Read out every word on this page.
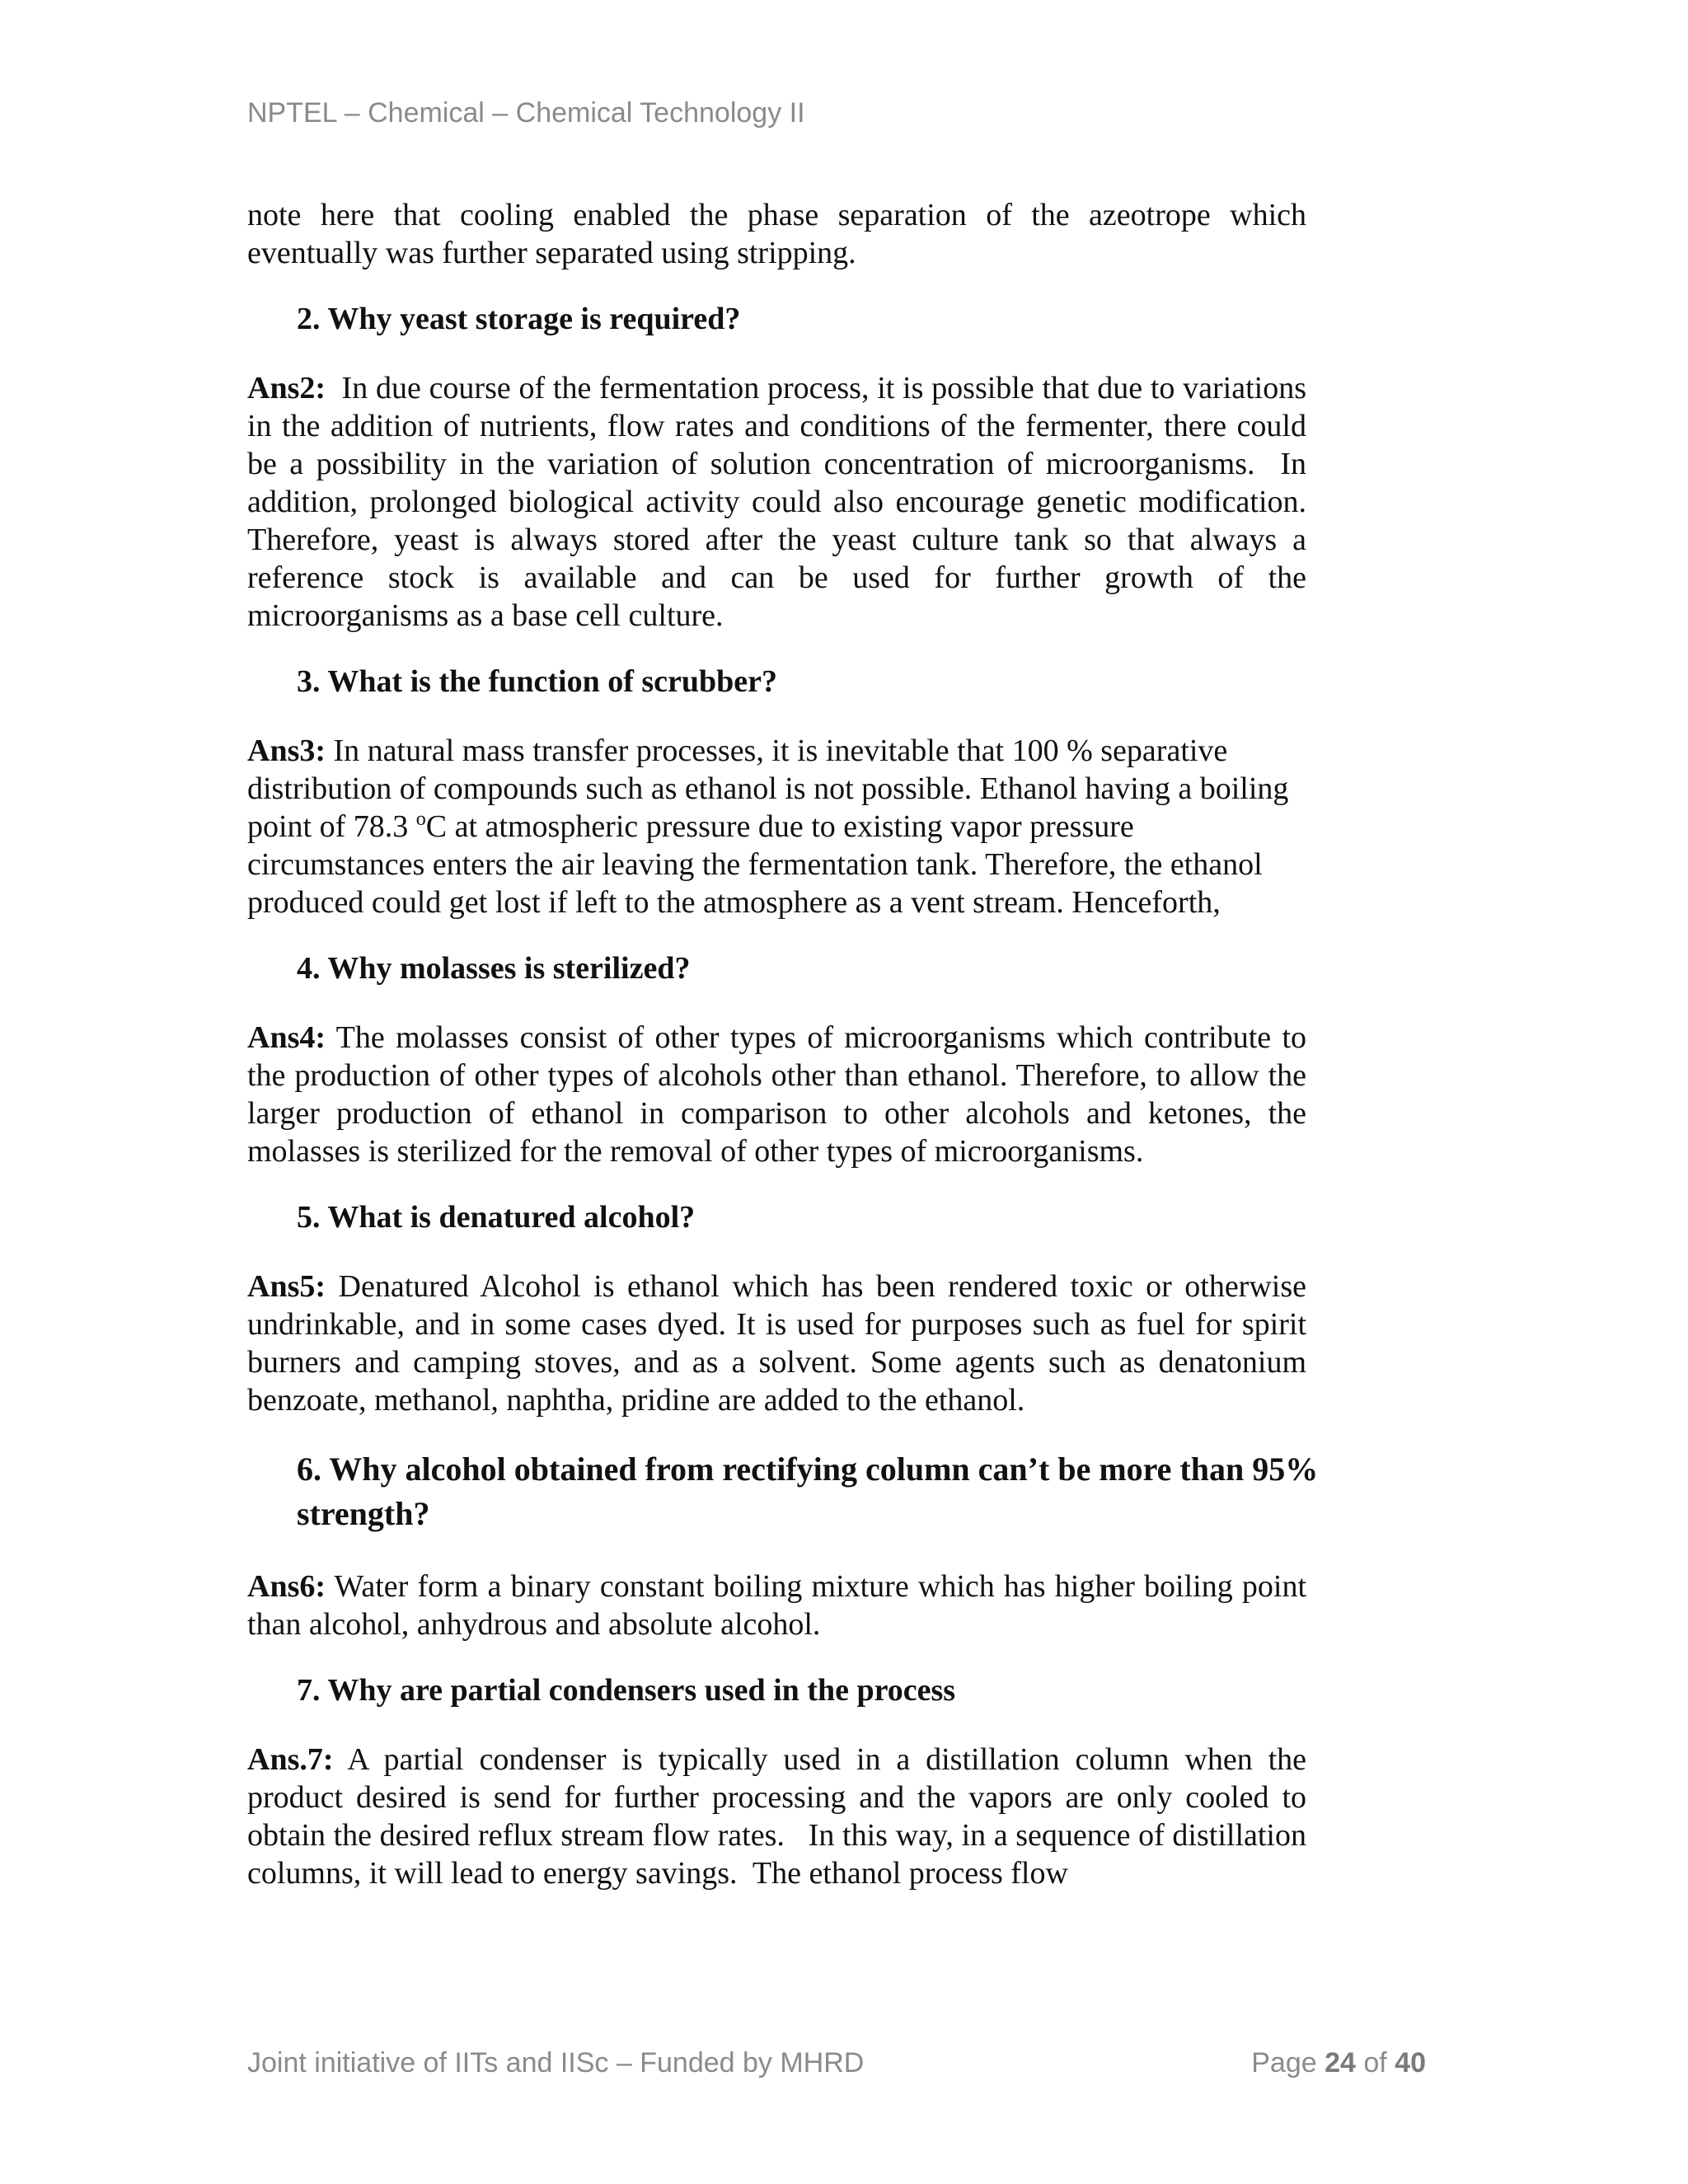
NPTEL – Chemical – Chemical Technology II

note here that cooling enabled the phase separation of the azeotrope which eventually was further separated using stripping.

2. Why yeast storage is required?

Ans2:  In due course of the fermentation process, it is possible that due to variations in the addition of nutrients, flow rates and conditions of the fermenter, there could be a possibility in the variation of solution concentration of microorganisms.  In addition, prolonged biological activity could also encourage genetic modification.  Therefore, yeast is always stored after the yeast culture tank so that always a reference stock is available and can be used for further growth of the microorganisms as a base cell culture.

3. What is the function of scrubber?

Ans3: In natural mass transfer processes, it is inevitable that 100 % separative distribution of compounds such as ethanol is not possible. Ethanol having a boiling point of 78.3 $^o$C at atmospheric pressure due to existing vapor pressure circumstances enters the air leaving the fermentation tank. Therefore, the ethanol produced could get lost if left to the atmosphere as a vent stream. Henceforth,

4. Why molasses is sterilized?

Ans4: The molasses consist of other types of microorganisms which contribute to the production of other types of alcohols other than ethanol. Therefore, to allow the larger production of ethanol in comparison to other alcohols and ketones, the molasses is sterilized for the removal of other types of microorganisms.

5. What is denatured alcohol?

Ans5: Denatured Alcohol is ethanol which has been rendered toxic or otherwise undrinkable, and in some cases dyed. It is used for purposes such as fuel for spirit burners and camping stoves, and as a solvent. Some agents such as denatonium benzoate, methanol, naphtha, pridine are added to the ethanol.

6. Why alcohol obtained from rectifying column can’t be more than 95% strength?

Ans6: Water form a binary constant boiling mixture which has higher boiling point than alcohol, anhydrous and absolute alcohol.

7. Why are partial condensers used in the process

Ans.7: A partial condenser is typically used in a distillation column when the product desired is send for further processing and the vapors are only cooled to obtain the desired reflux stream flow rates.   In this way, in a sequence of distillation columns, it will lead to energy savings.  The ethanol process flow

Joint initiative of IITs and IISc – Funded by MHRD	Page 24 of 40
